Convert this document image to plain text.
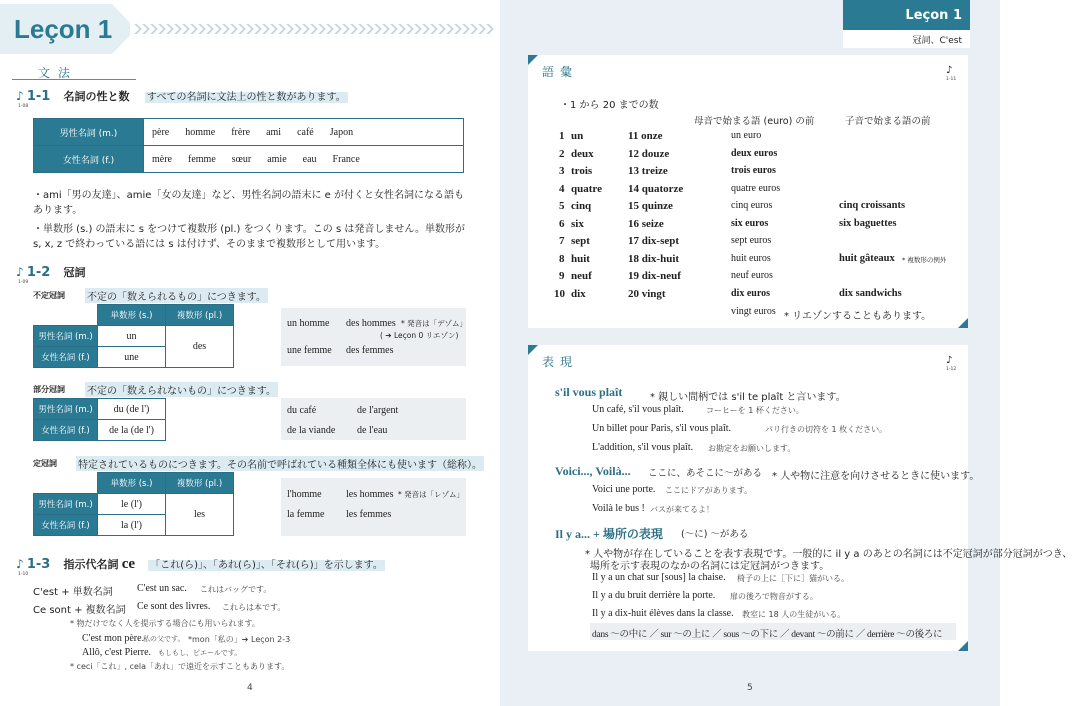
Leçon 1
文法
♪ 1-1 名詞の性と数 すべての名詞に文法上の性と数があります。
1-08
男性名詞 (m.)	père homme frère ami café Japon
女性名詞 (f.)	mère femme sœur amie eau France
・ami「男の友達」、amie「女の友達」など、男性名詞の語末に e が付くと女性名詞になる語も
あります。
・単数形 (s.) の語末に s をつけて複数形 (pl.) をつくります。この s は発音しません。単数形が
s, x, z で終わっている語には s は付けず、そのままで複数形として用います。
♪ 1-2 冠詞
1-09
不定冠詞 不定の「数えられるもの」につきます。
	単数形 (s.)	複数形 (pl.)
男性名詞 (m.)	un	des
女性名詞 (f.)	une	
un homme des hommes * 発音は「デゾム」
( ➔ Leçon 0 リエゾン)
une femme des femmes
部分冠詞 不定の「数えられないもの」につきます。
男性名詞 (m.)	du (de l')
女性名詞 (f.)	de la (de l')
du café	de l'argent
de la viande de l'eau
定冠詞 特定されているものにつきます。その名前で呼ばれている種類全体にも使います（総称）。
	単数形 (s.)	複数形 (pl.)
男性名詞 (m.)	le (l')	les
女性名詞 (f.)	la (l')	
l'homme les hommes * 発音は「レゾム」
la femme les femmes
♪ 1-3 指示代名詞 ce 「これ(ら)」、「あれ(ら)」、「それ(ら)」を示します。
1-10
C'est + 単数名詞 C'est un sac. これはバッグです。
Ce sont + 複数名詞 Ce sont des livres. これらは本です。
* 物だけでなく人を提示する場合にも用いられます。
C'est mon père.
私の父です。 *mon「私の」➔ Leçon 2-3
Allô, c'est Pierre. もしもし、ピエールです。
* ceci「これ」, cela「あれ」で遠近を示すこともあります。
4
Leçon 1
冠詞、C'est
語彙	♪
1-11
・1 から 20 までの数
母音で始まる語 (euro) の前	子音で始まる語の前
1 un	11 onze	un euro
2 deux	12 douze	deux euros
3 trois	13 treize	trois euros
4 quatre 14 quatorze	quatre euros
5 cinq	15 quinze	cinq euros	cinq croissants
6 six	16 seize	six euros	six baguettes
7 sept	17 dix-sept	sept euros
8 huit	18 dix-huit	huit euros	huit gâteaux * 複数形の例外
9 neuf	19 dix-neuf	neuf euros
10 dix	20 vingt	dix euros	dix sandwichs
vingt euros * リエゾンすることもあります。
表現	♪
1-12
s'il vous plaît	* 親しい間柄では s'il te plaît と言います。
Un café, s'il vous plaît.	コーヒーを 1 杯ください。
Un billet pour Paris, s'il vous plaît.	パリ行きの切符を 1 枚ください。
L'addition, s'il vous plaît. お勘定をお願いします。
Voici..., Voilà... ここに、あそこに〜がある * 人や物に注意を向けさせるときに使います。
Voici une porte. ここにドアがあります。
Voilà le bus ! バスが来てるよ！
Il y a... + 場所の表現 (〜に) 〜がある
* 人や物が存在していることを表す表現です。一般的に il y a のあとの名詞には不定冠詞が部分冠詞がつき、
場所を示す表現のなかの名詞には定冠詞がつきます。
Il y a un chat sur [sous] la chaise. 椅子の上に［下に］猫がいる。
Il y a du bruit derrière la porte. 扉の後ろで物音がする。
Il y a dix-huit élèves dans la classe. 教室に 18 人の生徒がいる。
dans 〜の中に ／ sur 〜の上に ／ sous 〜の下に ／ devant 〜の前に ／ derrière 〜の後ろに
5
